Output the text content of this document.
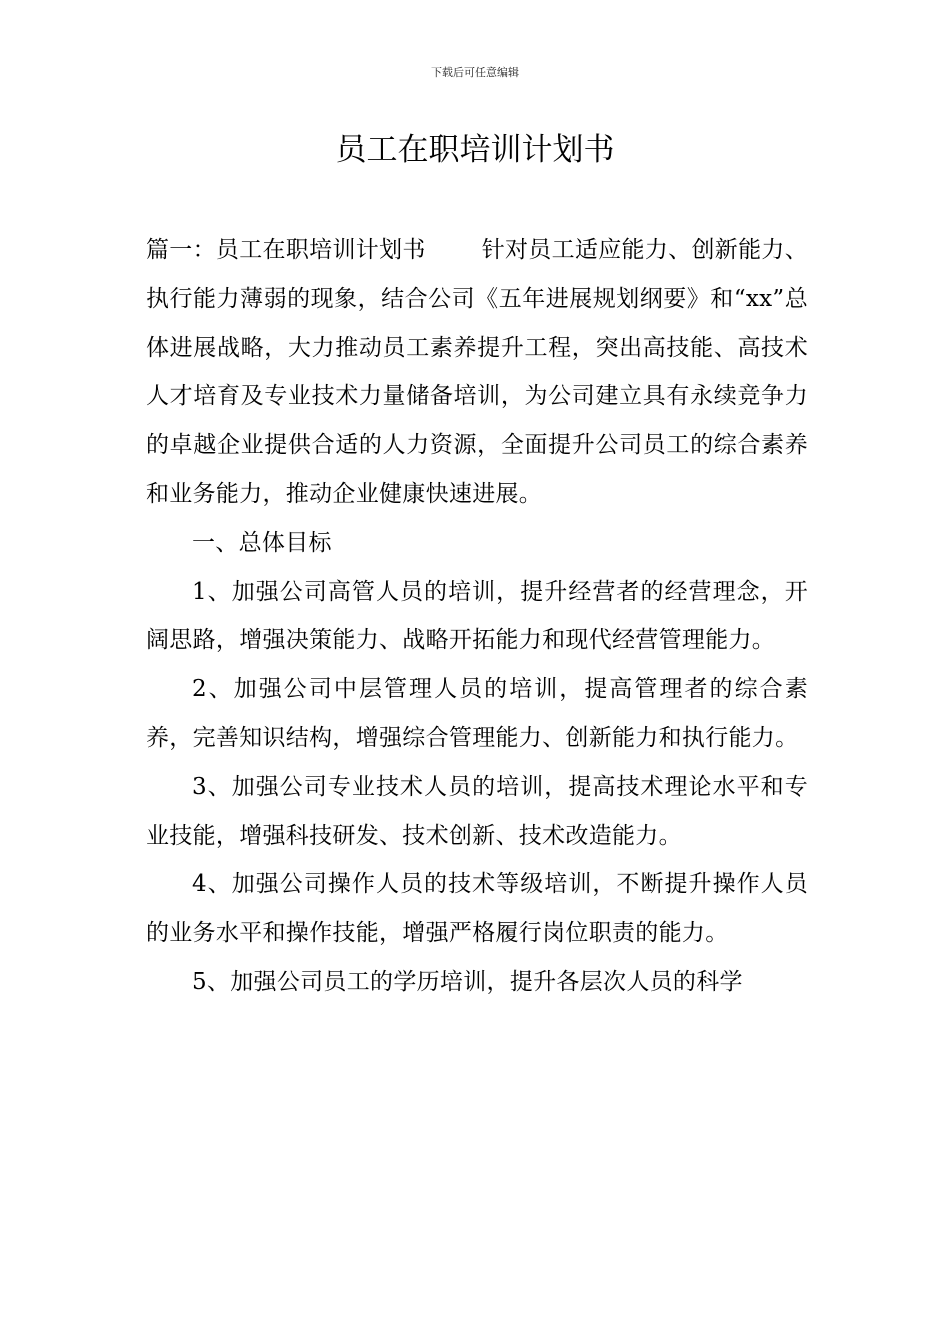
下载后可任意编辑
员工在职培训计划书

篇一：员工在职培训计划书 针对员工适应能力、创新能力、执行能力薄弱的现象，结合公司《五年进展规划纲要》和“xx”总体进展战略，大力推动员工素养提升工程，突出高技能、高技术人才培育及专业技术力量储备培训，为公司建立具有永续竞争力的卓越企业提供合适的人力资源，全面提升公司员工的综合素养和业务能力，推动企业健康快速进展。

一、总体目标

1、加强公司高管人员的培训，提升经营者的经营理念，开阔思路，增强决策能力、战略开拓能力和现代经营管理能力。

2、加强公司中层管理人员的培训，提高管理者的综合素养，完善知识结构，增强综合管理能力、创新能力和执行能力。

3、加强公司专业技术人员的培训，提高技术理论水平和专业技能，增强科技研发、技术创新、技术改造能力。

4、加强公司操作人员的技术等级培训，不断提升操作人员的业务水平和操作技能，增强严格履行岗位职责的能力。

5、加强公司员工的学历培训，提升各层次人员的科学
